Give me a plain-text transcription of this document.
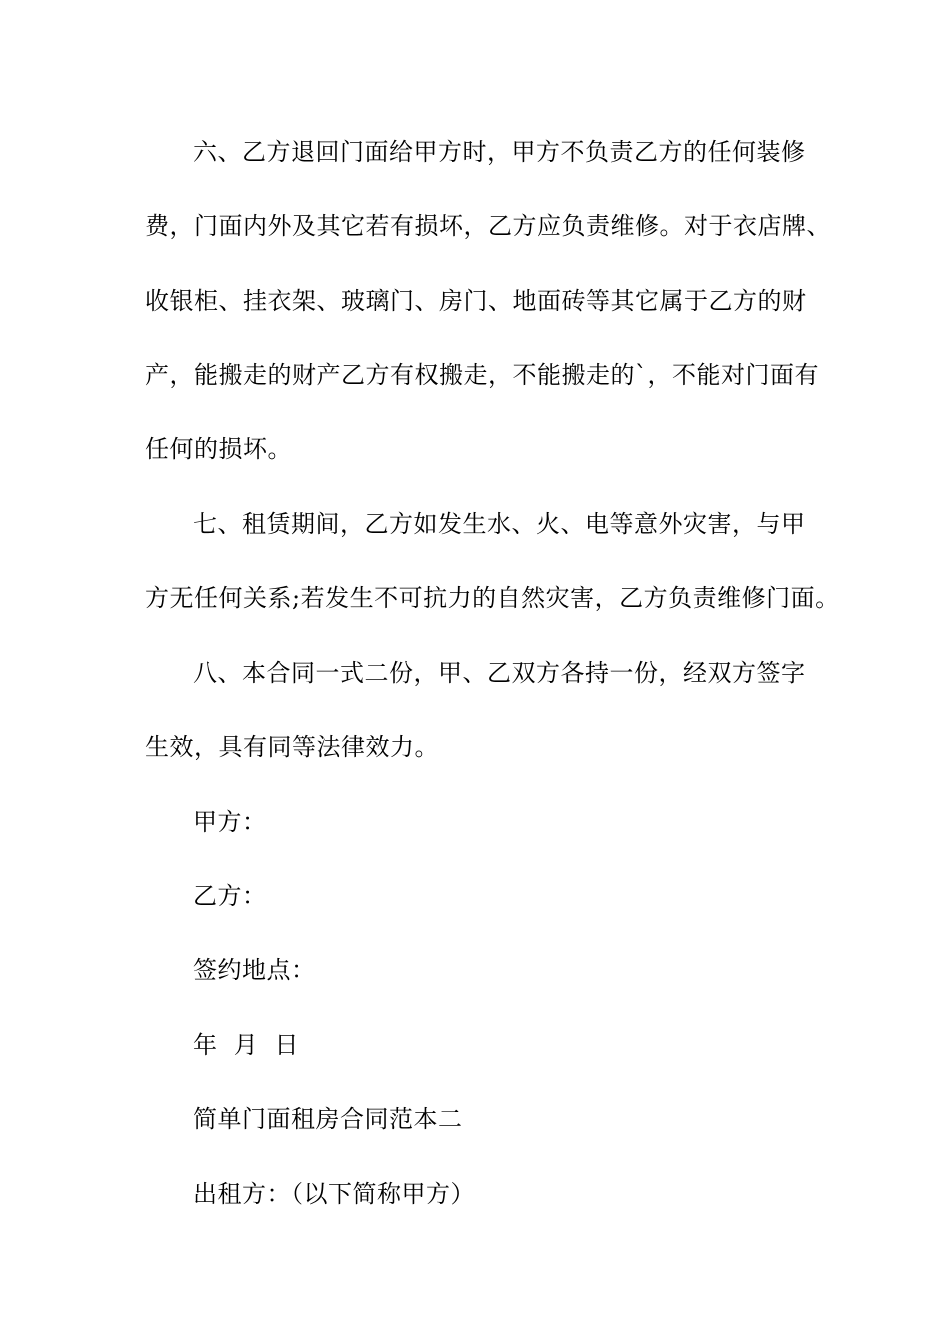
六、乙方退回门面给甲方时，甲方不负责乙方的任何装修
费，门面内外及其它若有损坏，乙方应负责维修。对于衣店牌、
收银柜、挂衣架、玻璃门、房门、地面砖等其它属于乙方的财
产，能搬走的财产乙方有权搬走，不能搬走的`，不能对门面有
任何的损坏。
七、租赁期间，乙方如发生水、火、电等意外灾害，与甲
方无任何关系;若发生不可抗力的自然灾害，乙方负责维修门面。
八、本合同一式二份，甲、乙双方各持一份，经双方签字
生效，具有同等法律效力。
甲方：
乙方：
签约地点：
年  月  日
简单门面租房合同范本二
出租方：（以下简称甲方）
